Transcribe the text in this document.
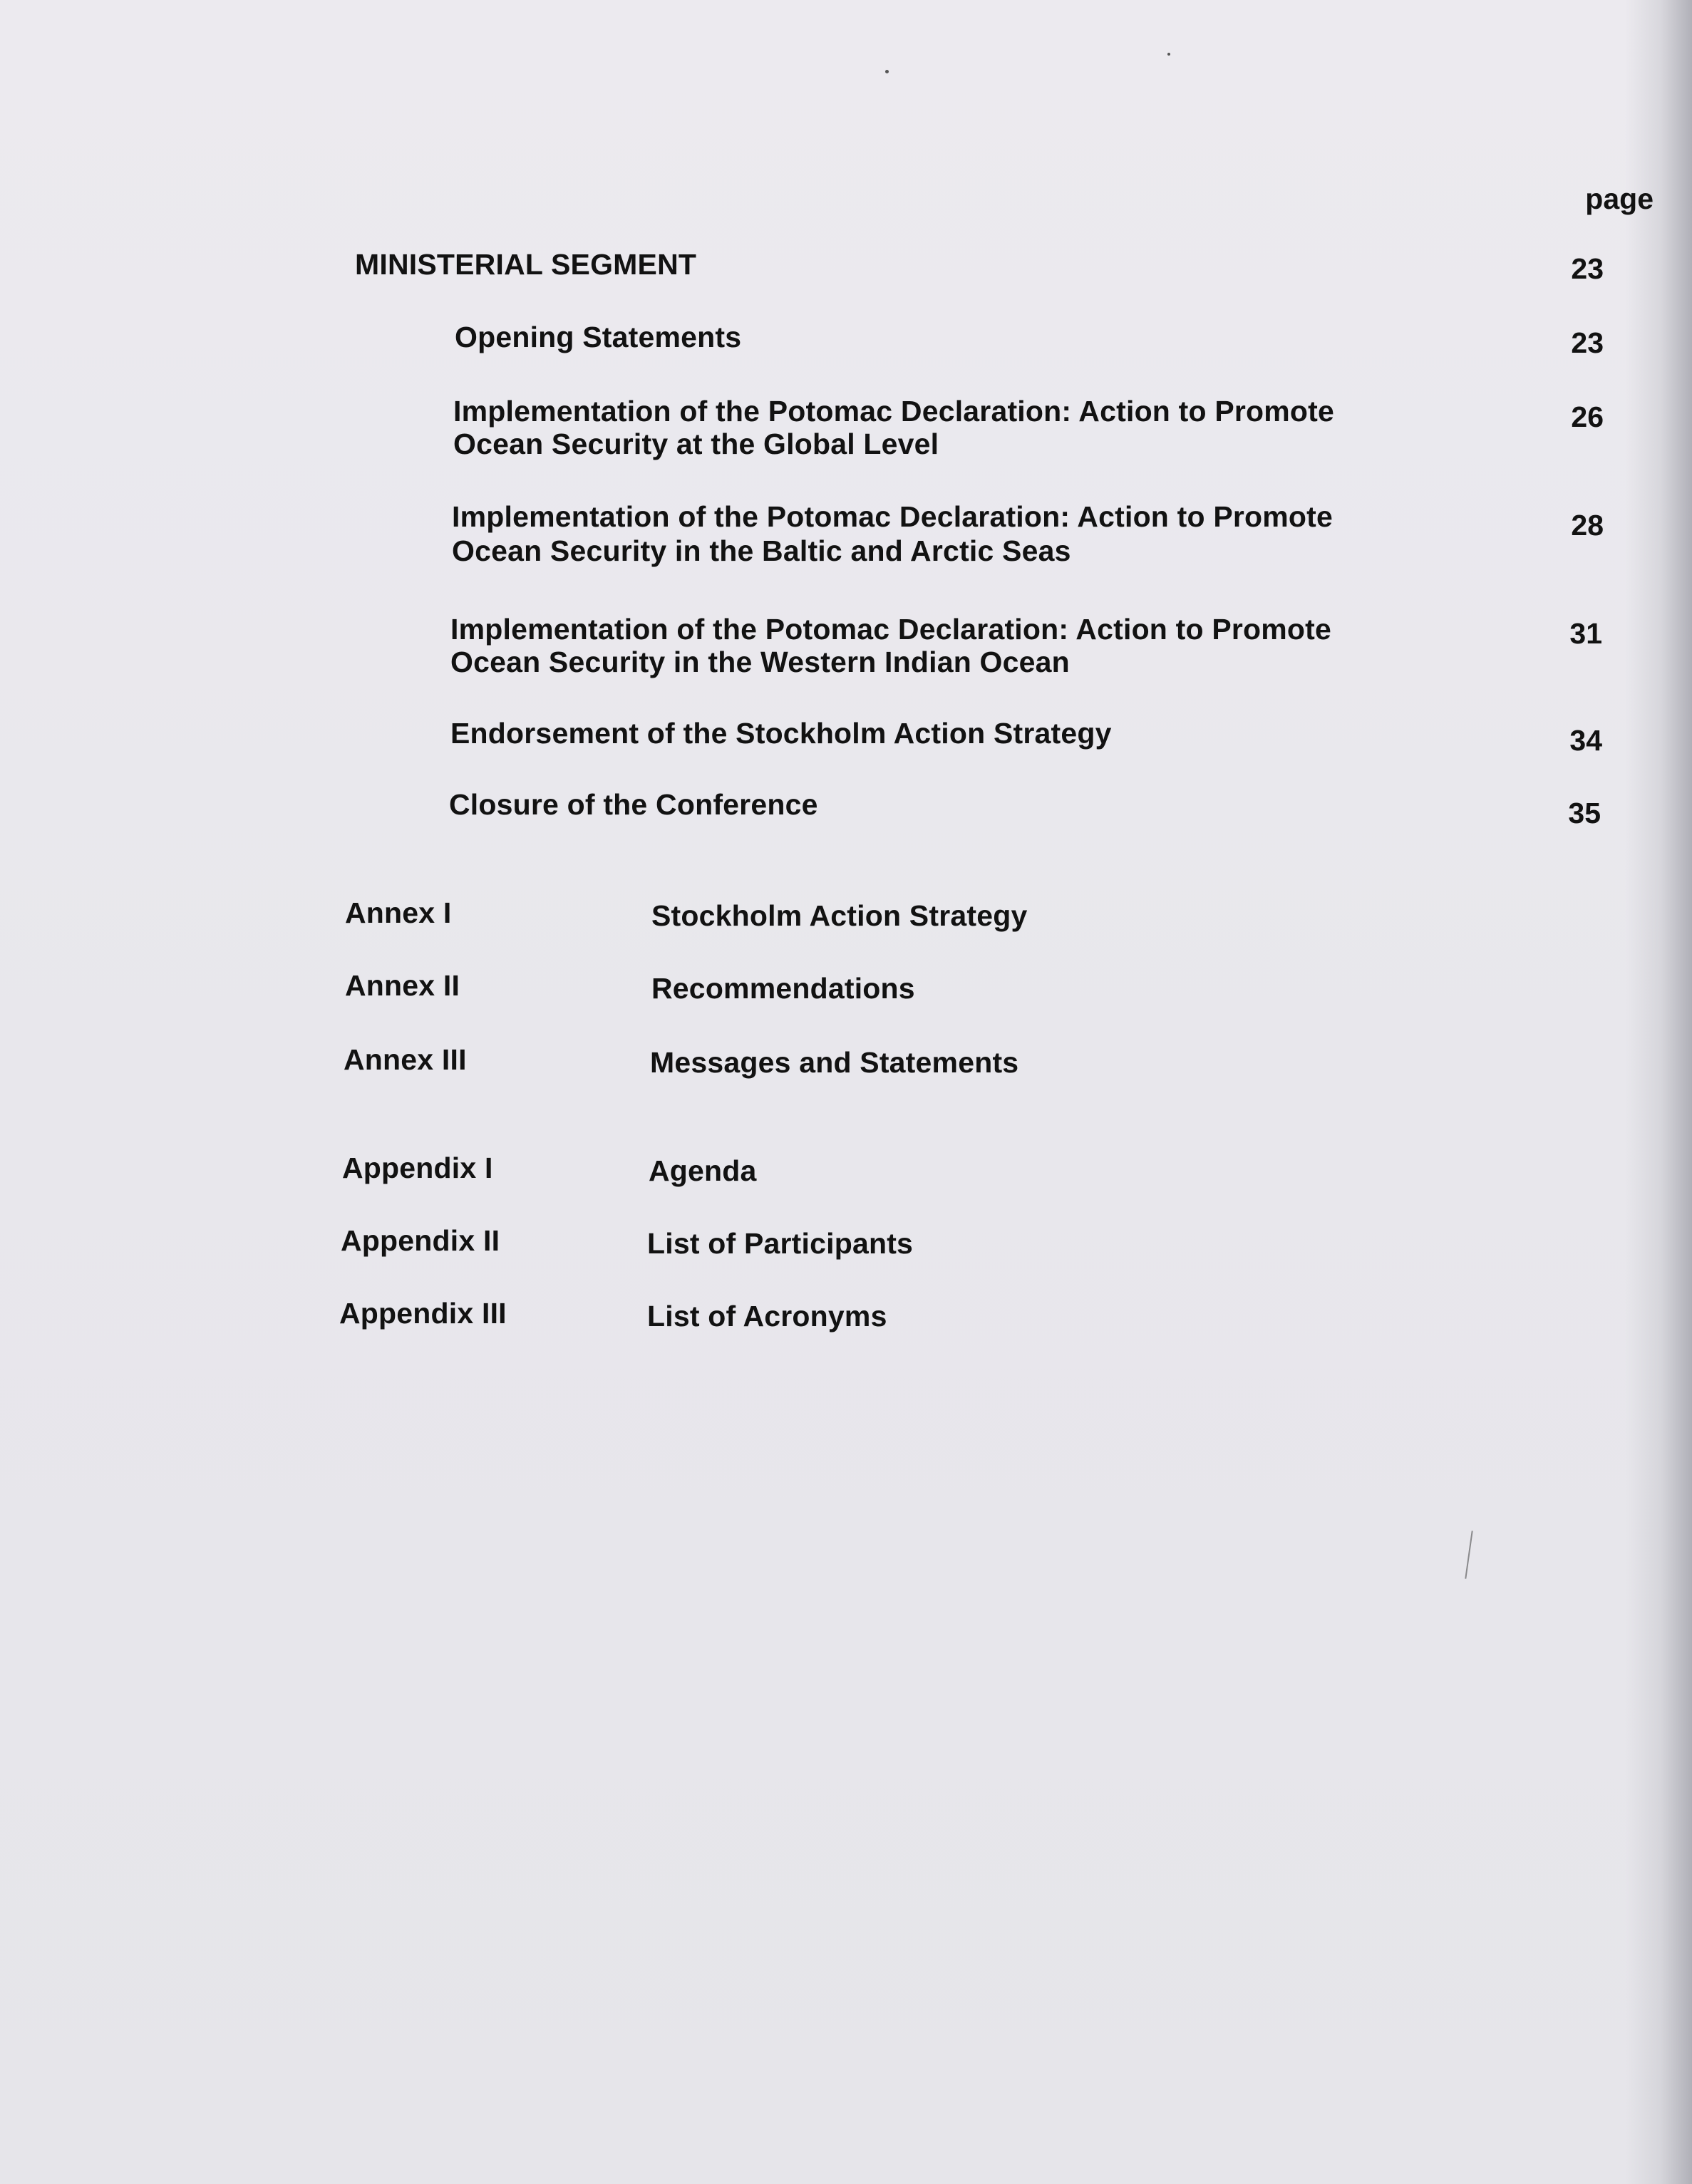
page
MINISTERIAL SEGMENT	23
Opening Statements	23
Implementation of the Potomac Declaration: Action to Promote
Ocean Security at the Global Level
26
Implementation of the Potomac Declaration: Action to Promote
Ocean Security in the Baltic and Arctic Seas
28
Implementation of the Potomac Declaration: Action to Promote
Ocean Security in the Western Indian Ocean
31
Endorsement of the Stockholm Action Strategy	34
Closure of the Conference	35
Annex I	Stockholm Action Strategy
Annex II	Recommendations
Annex III	Messages and Statements
Appendix I	Agenda
Appendix II	List of Participants
Appendix III	List of Acronyms
